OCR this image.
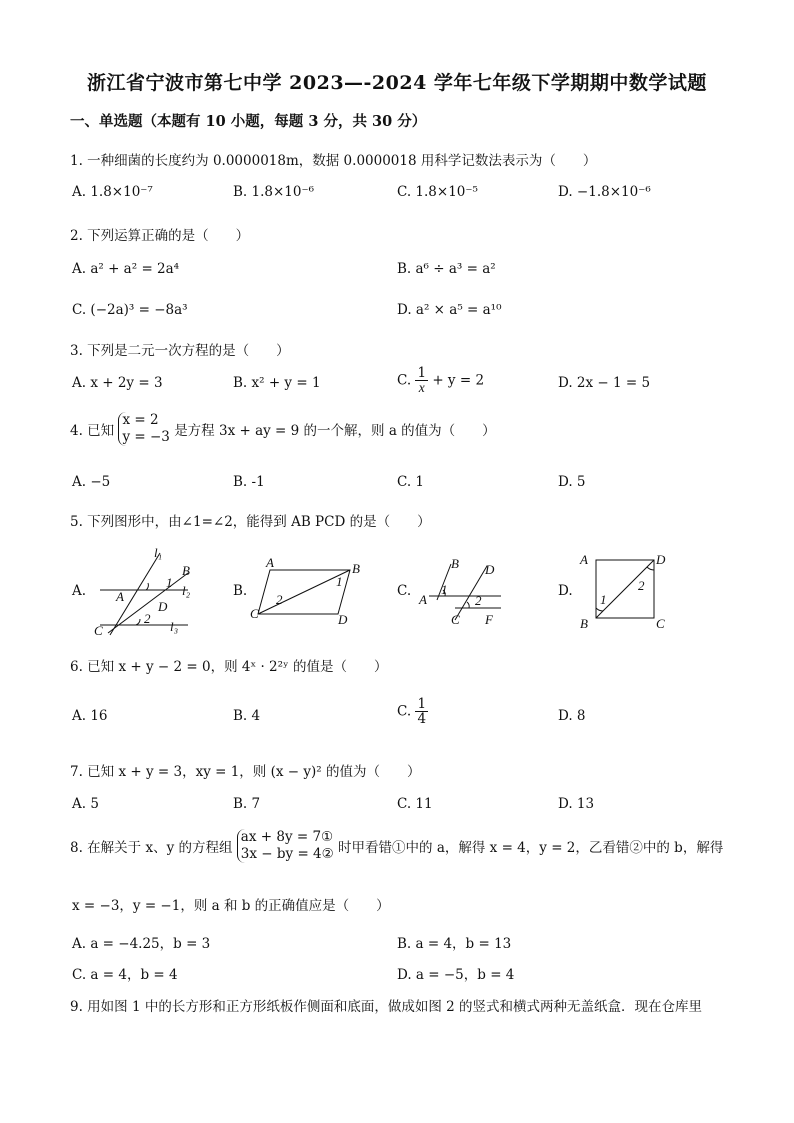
浙江省宁波市第七中学 2023—-2024 学年七年级下学期期中数学试题
一、单选题（本题有 10 小题，每题 3 分，共 30 分）
1. 一种细菌的长度约为 0.0000018m，数据 0.0000018 用科学记数法表示为（　　）
A. 1.8×10⁻⁷	B. 1.8×10⁻⁶	C. 1.8×10⁻⁵	D. −1.8×10⁻⁶
2. 下列运算正确的是（　　）
A. a² + a² = 2a⁴	B. a⁶ ÷ a³ = a²
C. (−2a)³ = −8a³	D. a² × a⁵ = a¹⁰
3. 下列是二元一次方程的是（　　）
A. x + 2y = 3	B. x² + y = 1	C. $\frac{1}{x} + y = 2$	D. 2x − 1 = 5
4. 已知
x = 2
y = −3 是方程 3x + ay = 9 的一个解，则 a 的值为（　　）
A. −5	B. -1	C. 1	D. 5
5. 下列图形中，由∠1=∠2，能得到 AB PCD 的是（　　）
A.	B.	C.	D.
l₁
B
1
l₂
A
D
2
C	l₃
A	B
1
2
C	D
B D
A
1
2
C F
A	D
1
2
B	C
6. 已知 x + y − 2 = 0，则 4ˣ · 2²ʸ 的值是（　　）
A. 16	B. 4	C. $\frac{1}{4}$	D. 8
7. 已知 x + y = 3，xy = 1，则 (x − y)² 的值为（　　）
A. 5	B. 7	C. 11	D. 13
8. 在解关于 x、y 的方程组
ax + 8y = 7①
3x − by = 4② 时甲看错①中的 a，解得 x = 4，y = 2，乙看错②中的 b，解得
x = −3，y = −1，则 a 和 b 的正确值应是（　　）
A. a = −4.25，b = 3	B. a = 4，b = 13
C. a = 4，b = 4	D. a = −5，b = 4
9. 用如图 1 中的长方形和正方形纸板作侧面和底面，做成如图 2 的竖式和横式两种无盖纸盒．现在仓库里
